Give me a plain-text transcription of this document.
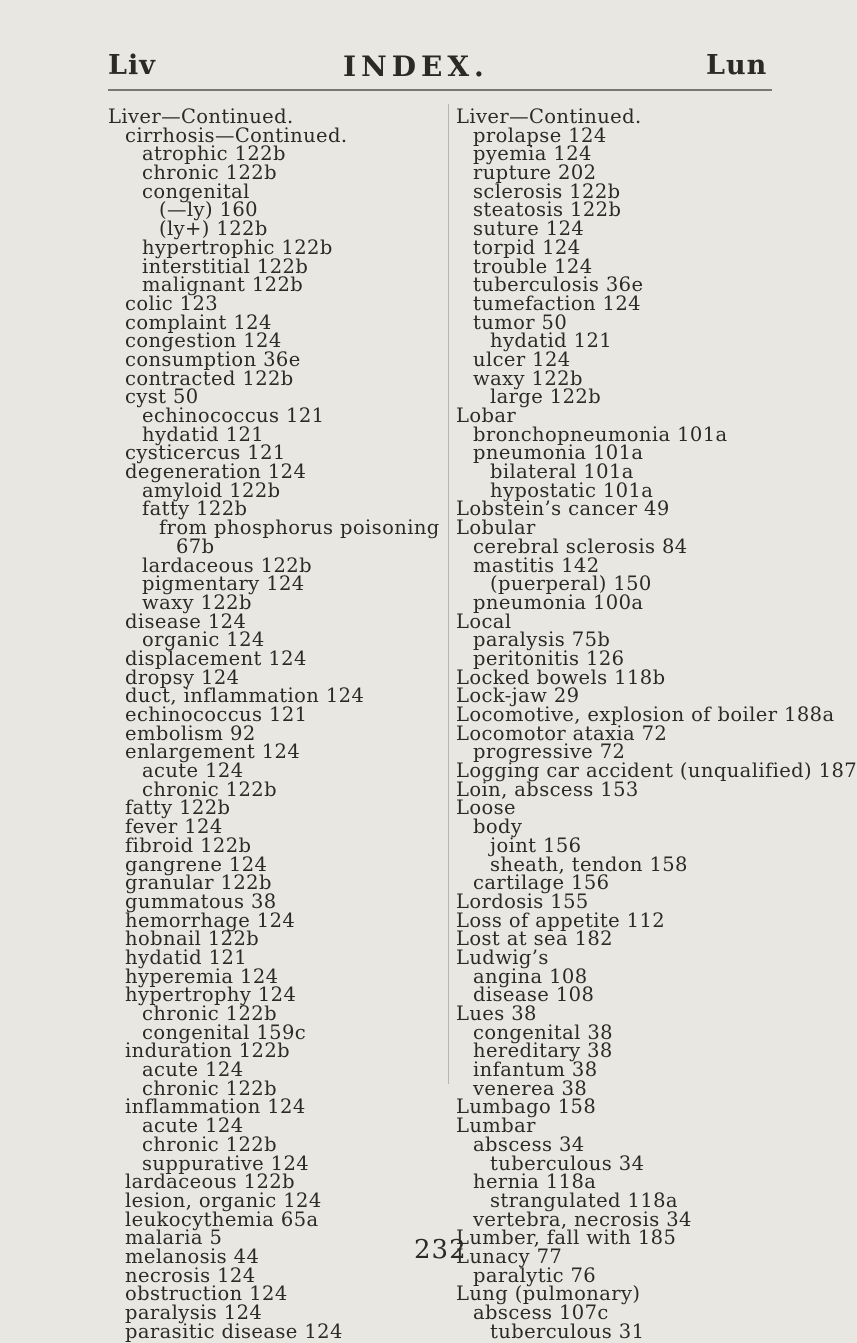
Liv	INDEX.	Lun
Liver—Continued.
cirrhosis—Continued.
atrophic 122b
chronic 122b
congenital
(—ly) 160
(ly+) 122b
hypertrophic 122b
interstitial 122b
malignant 122b
colic 123
complaint 124
congestion 124
consumption 36e
contracted 122b
cyst 50
echinococcus 121
hydatid 121
cysticercus 121
degeneration 124
amyloid 122b
fatty 122b
from phosphorus poisoning
67b
lardaceous 122b
pigmentary 124
waxy 122b
disease 124
organic 124
displacement 124
dropsy 124
duct, inflammation 124
echinococcus 121
embolism 92
enlargement 124
acute 124
chronic 122b
fatty 122b
fever 124
fibroid 122b
gangrene 124
granular 122b
gummatous 38
hemorrhage 124
hobnail 122b
hydatid 121
hyperemia 124
hypertrophy 124
chronic 122b
congenital 159c
induration 122b
acute 124
chronic 122b
inflammation 124
acute 124
chronic 122b
suppurative 124
lardaceous 122b
lesion, organic 124
leukocythemia 65a
malaria 5
melanosis 44
necrosis 124
obstruction 124
paralysis 124
parasitic disease 124
Liver—Continued.
prolapse 124
pyemia 124
rupture 202
sclerosis 122b
steatosis 122b
suture 124
torpid 124
trouble 124
tuberculosis 36e
tumefaction 124
tumor 50
hydatid 121
ulcer 124
waxy 122b
large 122b
Lobar
bronchopneumonia 101a
pneumonia 101a
bilateral 101a
hypostatic 101a
Lobstein’s cancer 49
Lobular
cerebral sclerosis 84
mastitis 142
(puerperal) 150
pneumonia 100a
Local
paralysis 75b
peritonitis 126
Locked bowels 118b
Lock-jaw 29
Locomotive, explosion of boiler 188a
Locomotor ataxia 72
progressive 72
Logging car accident (unqualified) 187
Loin, abscess 153
Loose
body
joint 156
sheath, tendon 158
cartilage 156
Lordosis 155
Loss of appetite 112
Lost at sea 182
Ludwig’s
angina 108
disease 108
Lues 38
congenital 38
hereditary 38
infantum 38
venerea 38
Lumbago 158
Lumbar
abscess 34
tuberculous 34
hernia 118a
strangulated 118a
vertebra, necrosis 34
Lumber, fall with 185
Lunacy 77
paralytic 76
Lung (pulmonary)
abscess 107c
tuberculous 31
232
